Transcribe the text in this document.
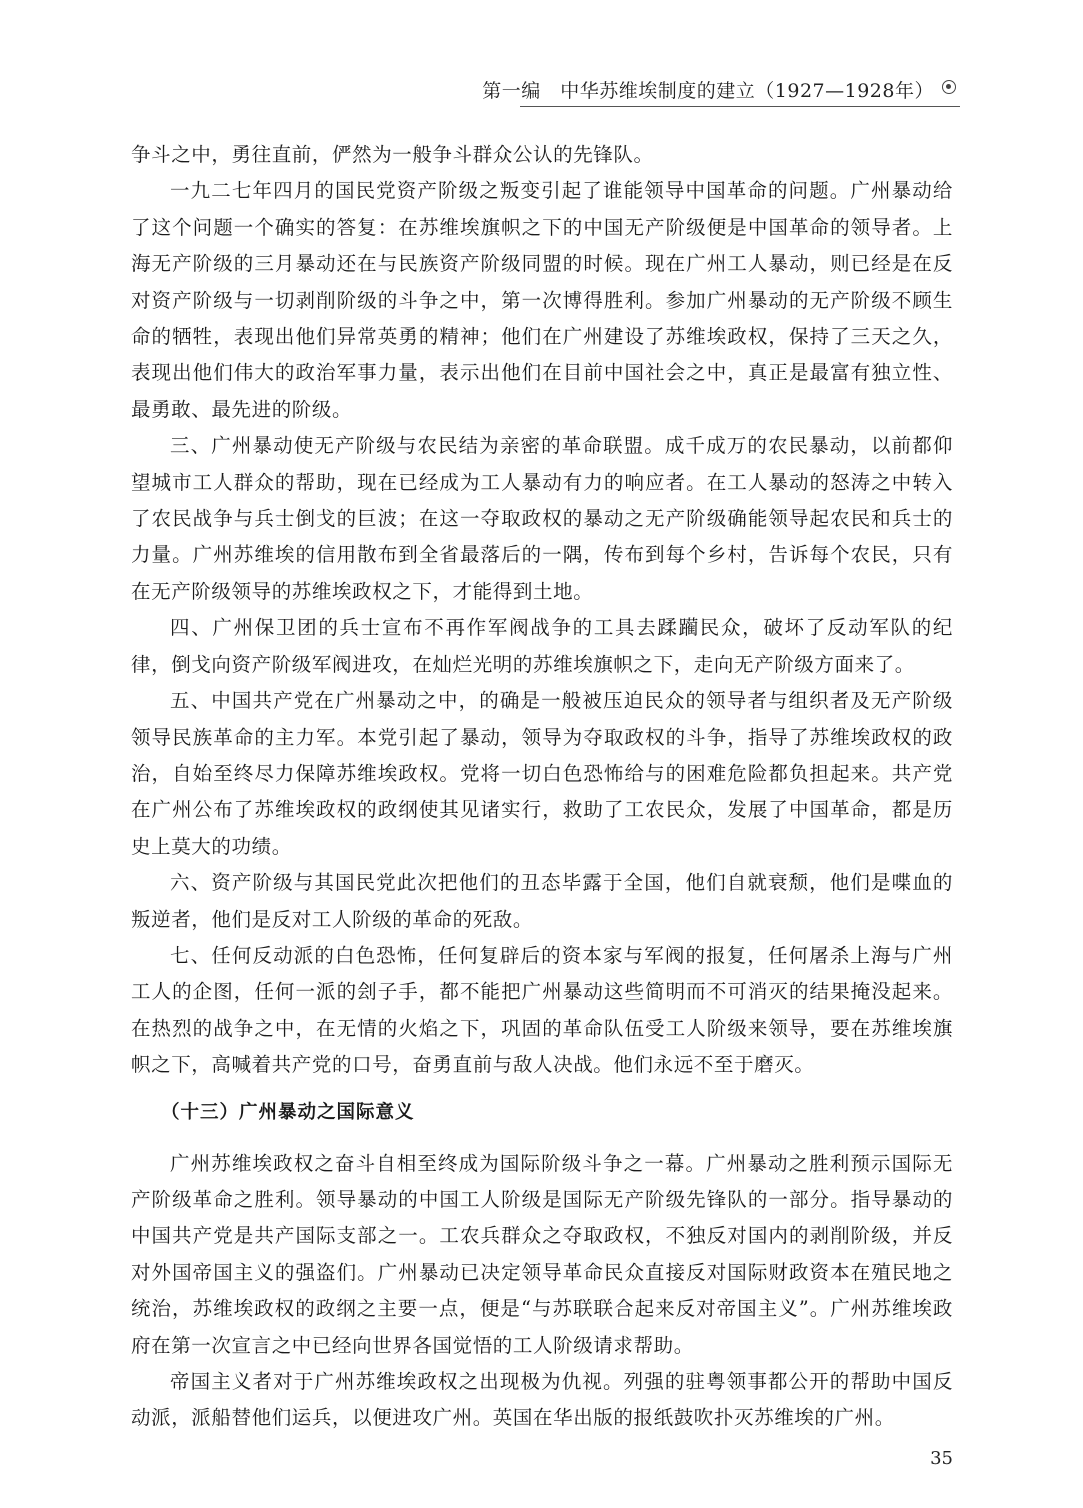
第一编　中华苏维埃制度的建立（1927—1928年）

争斗之中，勇往直前，俨然为一般争斗群众公认的先锋队。

一九二七年四月的国民党资产阶级之叛变引起了谁能领导中国革命的问题。广州暴动给了这个问题一个确实的答复：在苏维埃旗帜之下的中国无产阶级便是中国革命的领导者。上海无产阶级的三月暴动还在与民族资产阶级同盟的时候。现在广州工人暴动，则已经是在反对资产阶级与一切剥削阶级的斗争之中，第一次博得胜利。参加广州暴动的无产阶级不顾生命的牺牲，表现出他们异常英勇的精神；他们在广州建设了苏维埃政权，保持了三天之久，表现出他们伟大的政治军事力量，表示出他们在目前中国社会之中，真正是最富有独立性、最勇敢、最先进的阶级。

三、广州暴动使无产阶级与农民结为亲密的革命联盟。成千成万的农民暴动，以前都仰望城市工人群众的帮助，现在已经成为工人暴动有力的响应者。在工人暴动的怒涛之中转入了农民战争与兵士倒戈的巨波；在这一夺取政权的暴动之无产阶级确能领导起农民和兵士的力量。广州苏维埃的信用散布到全省最落后的一隅，传布到每个乡村，告诉每个农民，只有在无产阶级领导的苏维埃政权之下，才能得到土地。

四、广州保卫团的兵士宣布不再作军阀战争的工具去蹂躏民众，破坏了反动军队的纪律，倒戈向资产阶级军阀进攻，在灿烂光明的苏维埃旗帜之下，走向无产阶级方面来了。

五、中国共产党在广州暴动之中，的确是一般被压迫民众的领导者与组织者及无产阶级领导民族革命的主力军。本党引起了暴动，领导为夺取政权的斗争，指导了苏维埃政权的政治，自始至终尽力保障苏维埃政权。党将一切白色恐怖给与的困难危险都负担起来。共产党在广州公布了苏维埃政权的政纲使其见诸实行，救助了工农民众，发展了中国革命，都是历史上莫大的功绩。

六、资产阶级与其国民党此次把他们的丑态毕露于全国，他们自就衰颓，他们是喋血的叛逆者，他们是反对工人阶级的革命的死敌。

七、任何反动派的白色恐怖，任何复辟后的资本家与军阀的报复，任何屠杀上海与广州工人的企图，任何一派的刽子手，都不能把广州暴动这些简明而不可消灭的结果掩没起来。在热烈的战争之中，在无情的火焰之下，巩固的革命队伍受工人阶级来领导，要在苏维埃旗帜之下，高喊着共产党的口号，奋勇直前与敌人决战。他们永远不至于磨灭。

（十三）广州暴动之国际意义

广州苏维埃政权之奋斗自相至终成为国际阶级斗争之一幕。广州暴动之胜利预示国际无产阶级革命之胜利。领导暴动的中国工人阶级是国际无产阶级先锋队的一部分。指导暴动的中国共产党是共产国际支部之一。工农兵群众之夺取政权，不独反对国内的剥削阶级，并反对外国帝国主义的强盗们。广州暴动已决定领导革命民众直接反对国际财政资本在殖民地之统治，苏维埃政权的政纲之主要一点，便是“与苏联联合起来反对帝国主义”。广州苏维埃政府在第一次宣言之中已经向世界各国觉悟的工人阶级请求帮助。

帝国主义者对于广州苏维埃政权之出现极为仇视。列强的驻粤领事都公开的帮助中国反动派，派船替他们运兵，以便进攻广州。英国在华出版的报纸鼓吹扑灭苏维埃的广州。

35
